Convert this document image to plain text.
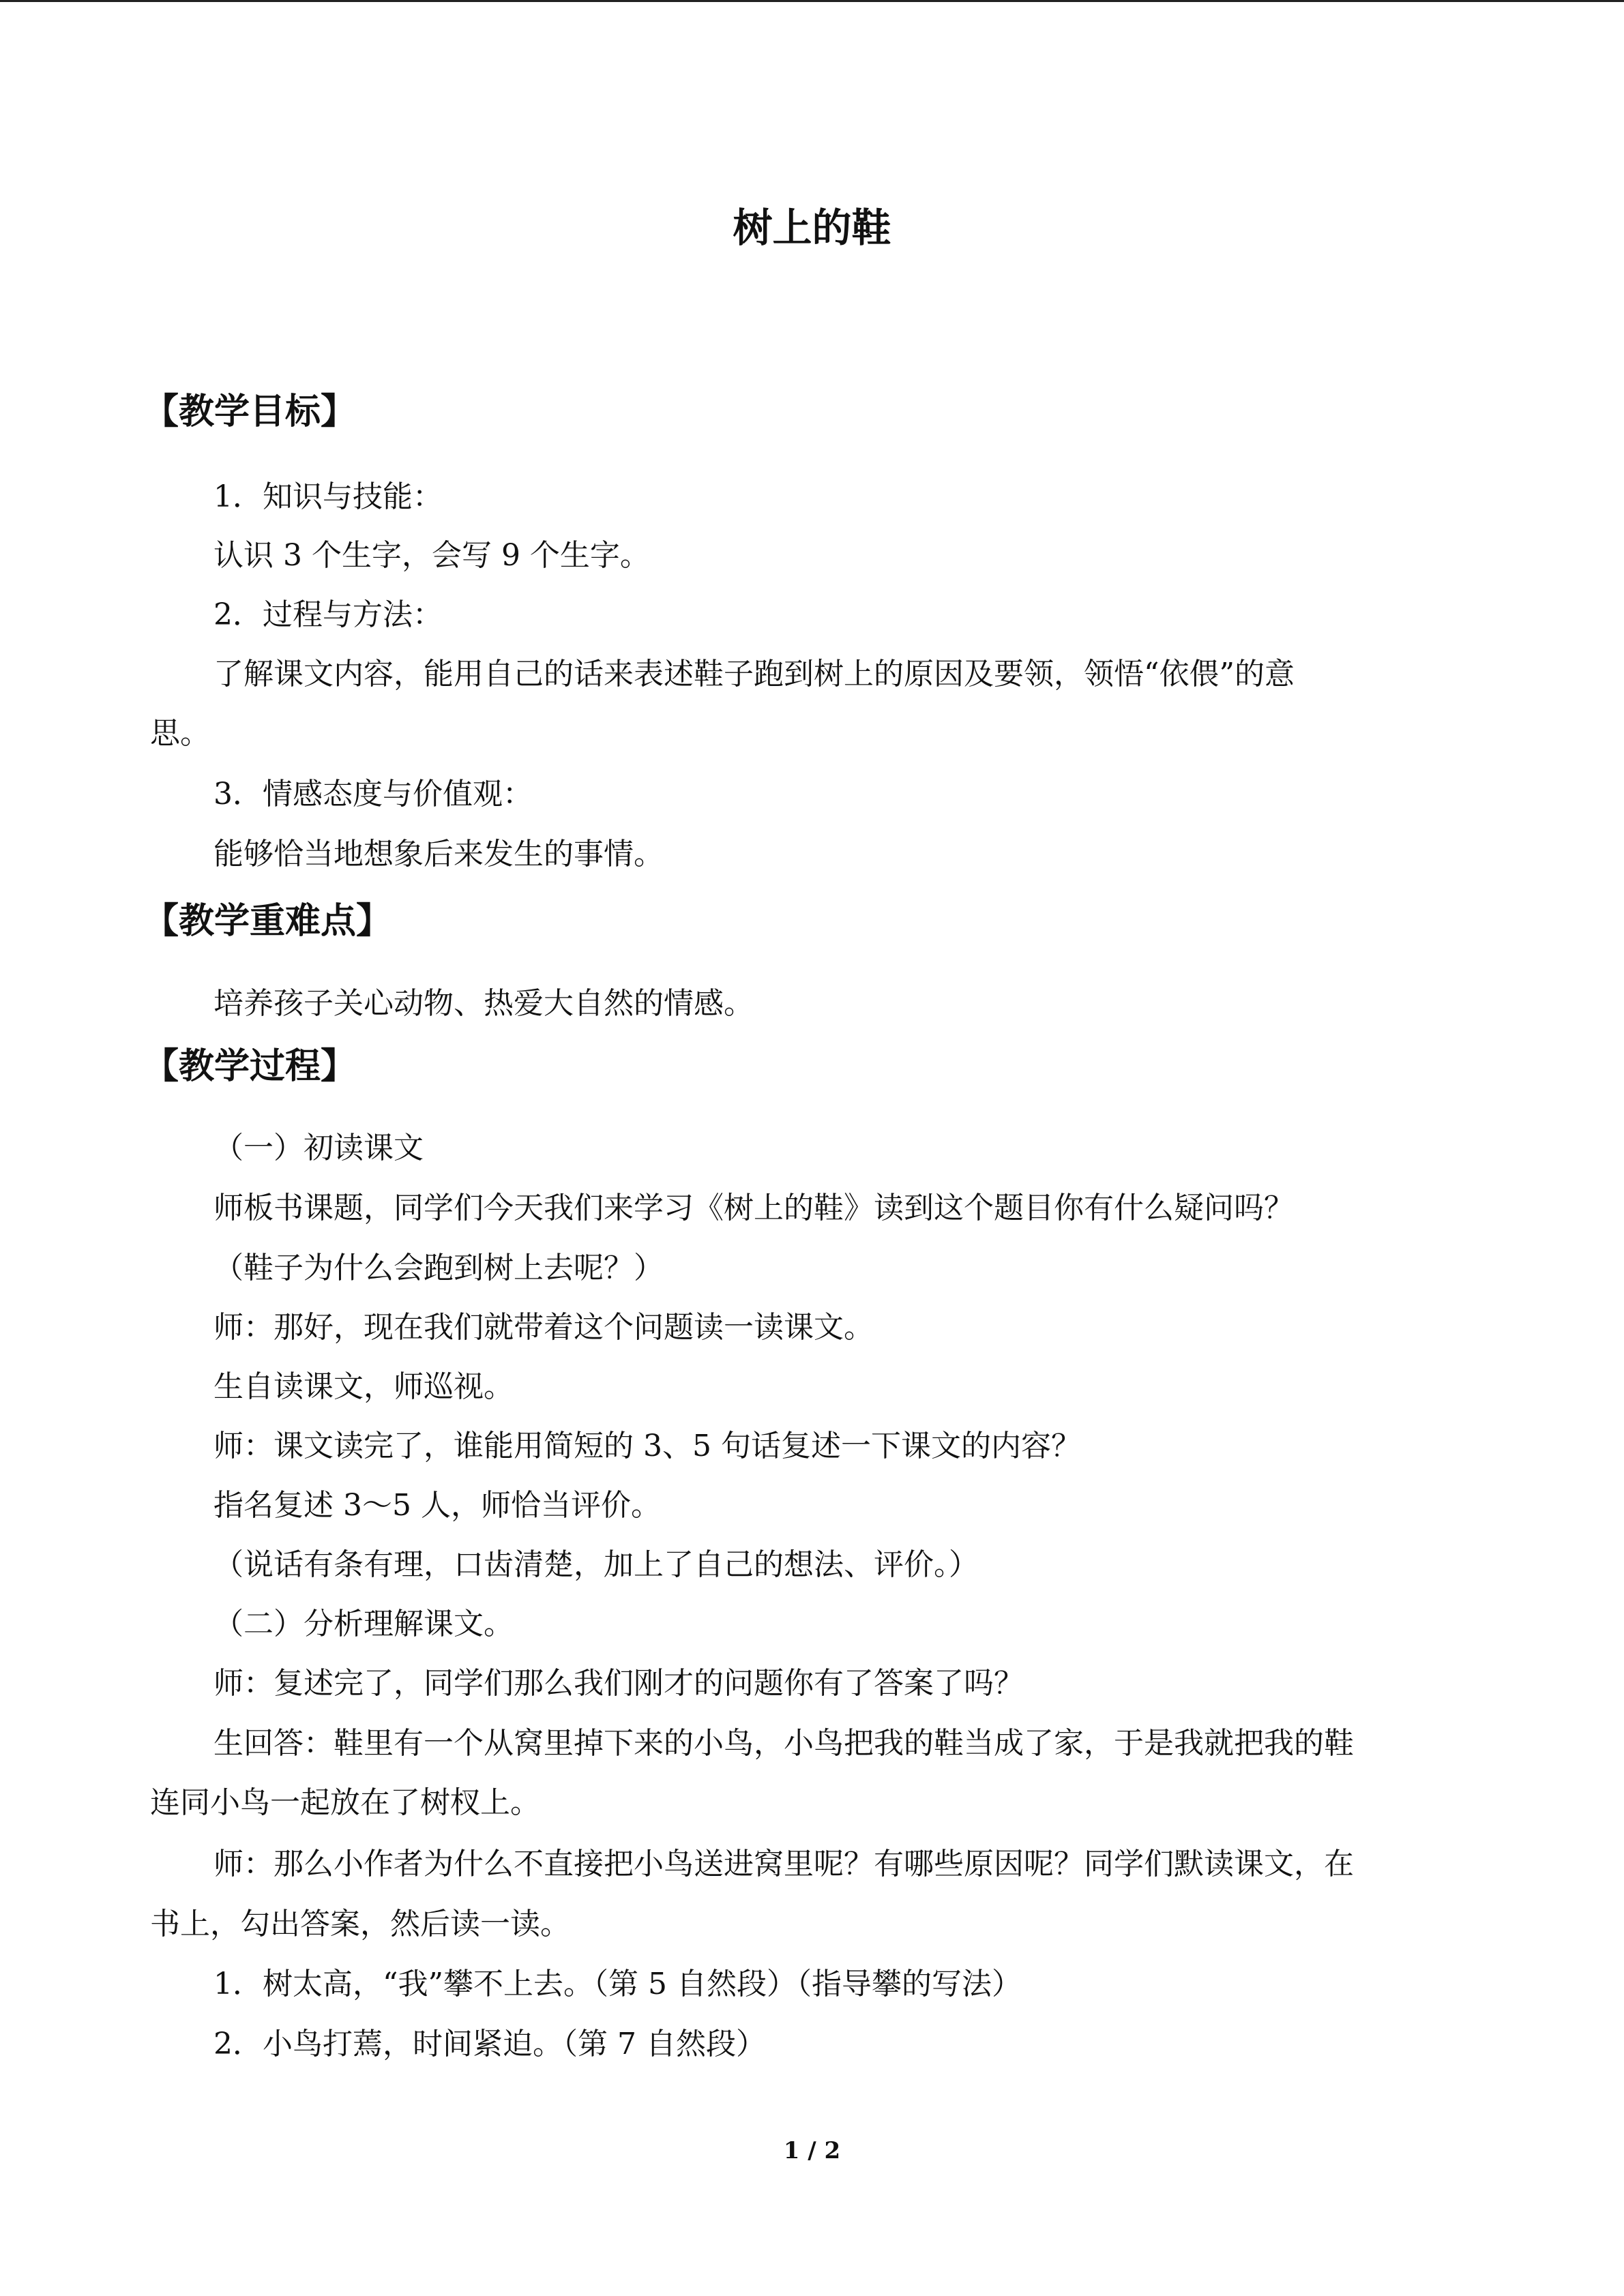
树上的鞋
【教学目标】
1．知识与技能：
认识 3 个生字，会写 9 个生字。
2．过程与方法：
了解课文内容，能用自己的话来表述鞋子跑到树上的原因及要领，领悟“依偎”的意
思。
3．情感态度与价值观：
能够恰当地想象后来发生的事情。
【教学重难点】
培养孩子关心动物、热爱大自然的情感。
【教学过程】
（一）初读课文
师板书课题，同学们今天我们来学习《树上的鞋》读到这个题目你有什么疑问吗？
（鞋子为什么会跑到树上去呢？）
师：那好，现在我们就带着这个问题读一读课文。
生自读课文，师巡视。
师：课文读完了，谁能用简短的 3、5 句话复述一下课文的内容？
指名复述 3～5 人，师恰当评价。
（说话有条有理，口齿清楚，加上了自己的想法、评价。）
（二）分析理解课文。
师：复述完了，同学们那么我们刚才的问题你有了答案了吗？
生回答：鞋里有一个从窝里掉下来的小鸟，小鸟把我的鞋当成了家，于是我就把我的鞋
连同小鸟一起放在了树杈上。
师：那么小作者为什么不直接把小鸟送进窝里呢？有哪些原因呢？同学们默读课文，在
书上，勾出答案，然后读一读。
1．树太高，“我”攀不上去。（第 5 自然段）（指导攀的写法）
2．小鸟打蔫，时间紧迫。（第 7 自然段）
1 / 2
